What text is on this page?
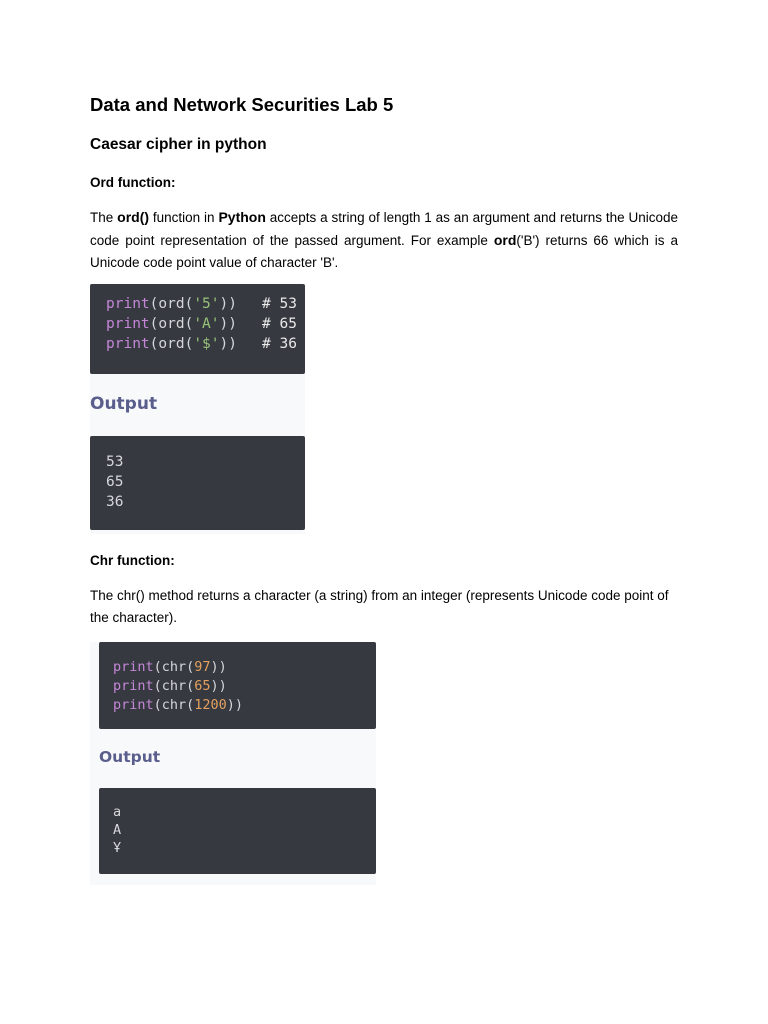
Data and Network Securities Lab 5
Caesar cipher in python
Ord function:
The ord() function in Python accepts a string of length 1 as an argument and returns the Unicode code point representation of the passed argument. For example ord('B') returns 66 which is a Unicode code point value of character 'B'.
print(ord('5')) # 53
print(ord('A')) # 65
print(ord('$')) # 36
Output
53
65
36
Chr function:
The chr() method returns a character (a string) from an integer (represents Unicode code point of the character).
print(chr(97))
print(chr(65))
print(chr(1200))
Output
a
A
Ұ
